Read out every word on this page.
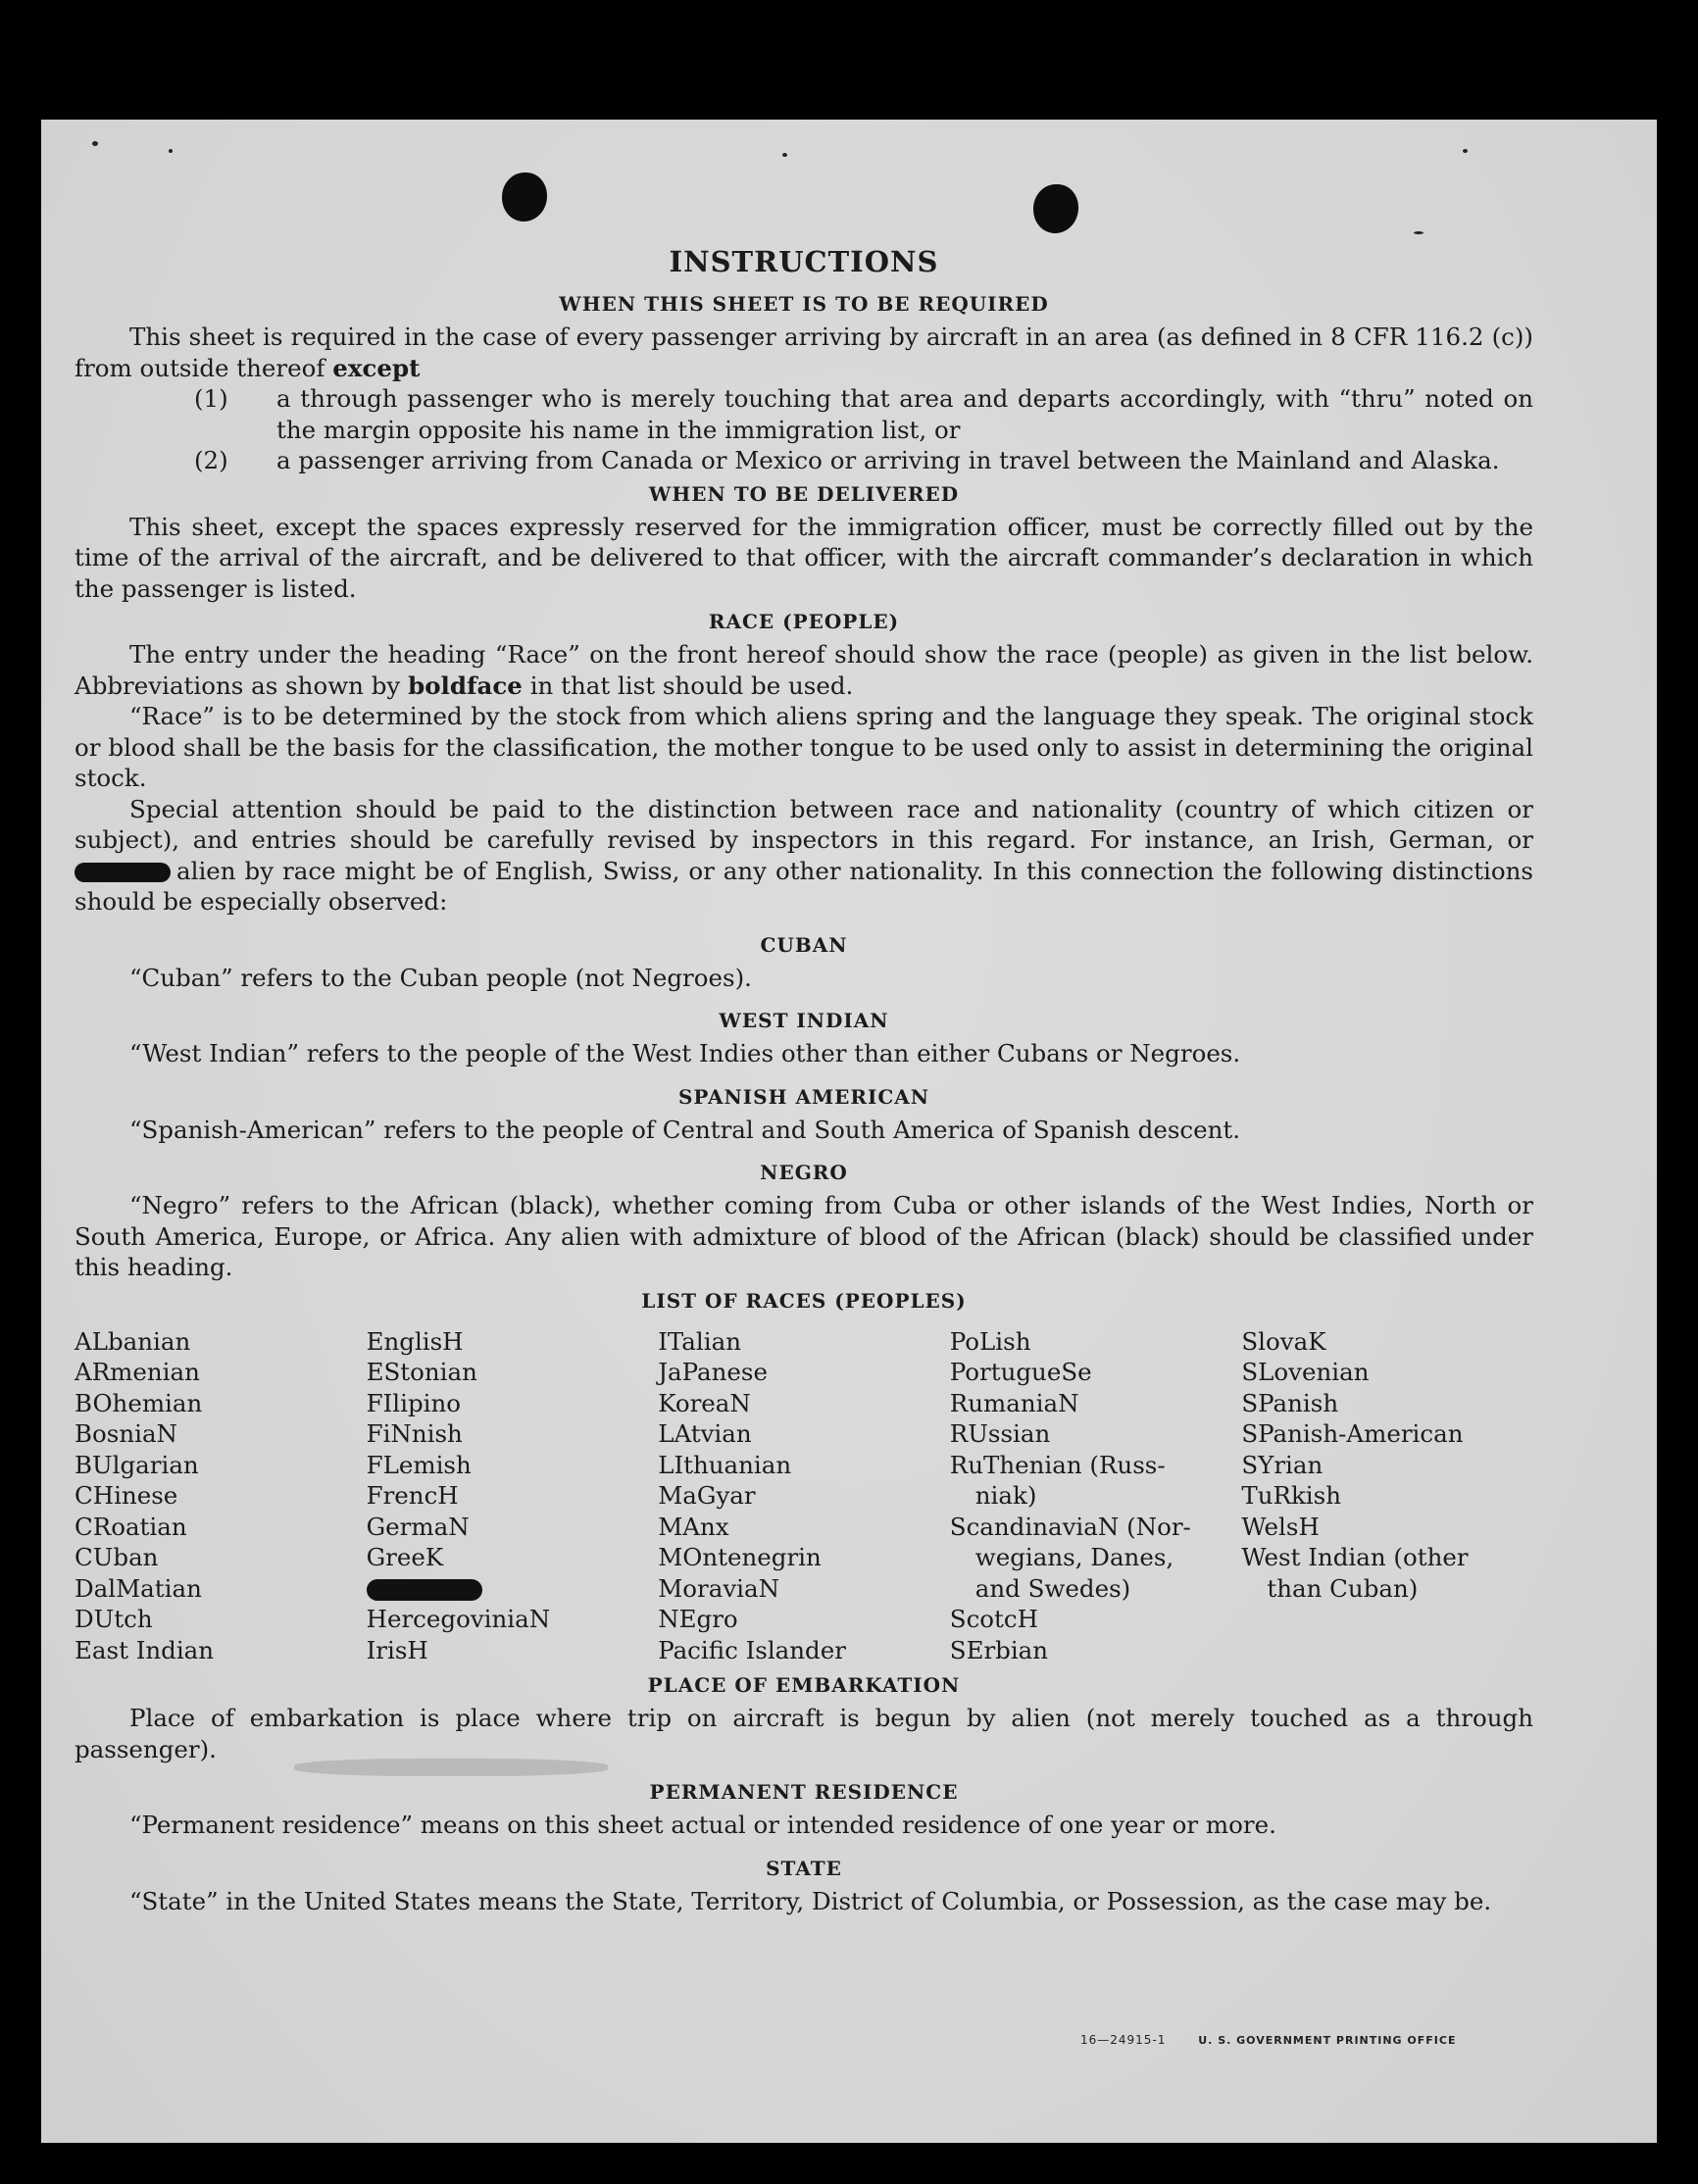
INSTRUCTIONS
WHEN THIS SHEET IS TO BE REQUIRED

This sheet is required in the case of every passenger arriving by aircraft in an area (as defined in 8 CFR 116.2 (c)) from outside thereof except

(1) a through passenger who is merely touching that area and departs accordingly, with “thru” noted on the margin opposite his name in the immigration list, or
(2) a passenger arriving from Canada or Mexico or arriving in travel between the Mainland and Alaska.
WHEN TO BE DELIVERED

This sheet, except the spaces expressly reserved for the immigration officer, must be correctly filled out by the time of the arrival of the aircraft, and be delivered to that officer, with the aircraft commander’s declaration in which the passenger is listed.

RACE (PEOPLE)

The entry under the heading “Race” on the front hereof should show the race (people) as given in the list below. Abbreviations as shown by boldface in that list should be used.

“Race” is to be determined by the stock from which aliens spring and the language they speak. The original stock or blood shall be the basis for the classification, the mother tongue to be used only to assist in determining the original stock.

Special attention should be paid to the distinction between race and nationality (country of which citizen or subject), and entries should be carefully revised by inspectors in this regard. For instance, an Irish, German, or alien by race might be of English, Swiss, or any other nationality. In this connection the following distinctions should be especially observed:

CUBAN

“Cuban” refers to the Cuban people (not Negroes).

WEST INDIAN

“West Indian” refers to the people of the West Indies other than either Cubans or Negroes.

SPANISH AMERICAN

“Spanish-American” refers to the people of Central and South America of Spanish descent.

NEGRO

“Negro” refers to the African (black), whether coming from Cuba or other islands of the West Indies, North or South America, Europe, or Africa. Any alien with admixture of blood of the African (black) should be classified under this heading.

LIST OF RACES (PEOPLES)
ALbanian
ARmenian
BOhemian
BosniaN
BUlgarian
CHinese
CRoatian
CUban
DalMatian
DUtch
East Indian
EnglisH
EStonian
FIlipino
FiNnish
FLemish
FrencH
GermaN
GreeK
HercegoviniaN
IrisH
ITalian
JaPanese
KoreaN
LAtvian
LIthuanian
MaGyar
MAnx
MOntenegrin
MoraviaN
NEgro
Pacific Islander
PoLish
PortugueSe
RumaniaN
RUssian
RuThenian (Russ-
niak)
ScandinaviaN (Nor-
wegians, Danes,
and Swedes)
ScotcH
SErbian
SlovaK
SLovenian
SPanish
SPanish-American
SYrian
TuRkish
WelsH
West Indian (other
than Cuban)
PLACE OF EMBARKATION

Place of embarkation is place where trip on aircraft is begun by alien (not merely touched as a through passenger).

PERMANENT RESIDENCE

“Permanent residence” means on this sheet actual or intended residence of one year or more.

STATE

“State” in the United States means the State, Territory, District of Columbia, or Possession, as the case may be.

16—24915-1	U. S. GOVERNMENT PRINTING OFFICE
